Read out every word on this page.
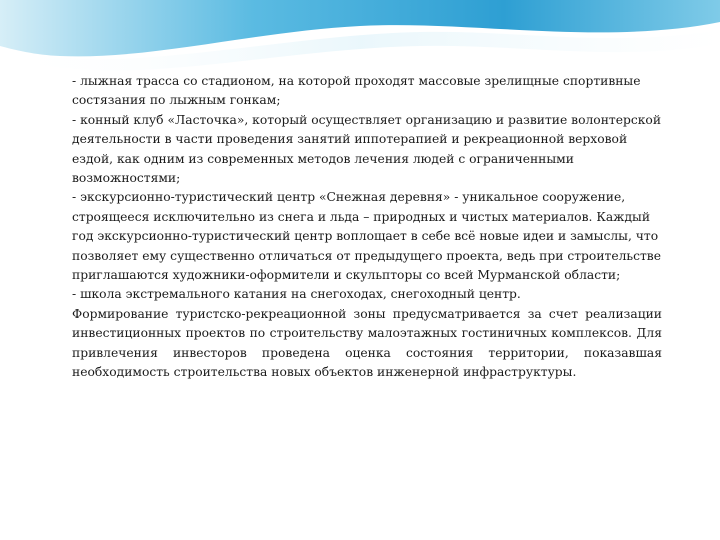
- лыжная трасса со стадионом, на которой проходят массовые зрелищные спортивные состязания по лыжным гонкам;

- конный клуб «Ласточка», который осуществляет организацию и развитие волонтерской деятельности в части проведения занятий иппотерапией и рекреационной верховой ездой, как одним из современных методов лечения людей с ограниченными возможностями;

- экскурсионно-туристический центр «Снежная деревня» - уникальное сооружение, строящееся исключительно из снега и льда – природных и чистых материалов. Каждый год экскурсионно-туристический центр воплощает в себе всё новые идеи и замыслы, что позволяет ему существенно отличаться от предыдущего проекта, ведь при строительстве приглашаются художники-оформители и скульпторы со всей Мурманской области;

- школа экстремального катания на снегоходах, снегоходный центр.

Формирование туристско-рекреационной зоны предусматривается за счет реализации инвестиционных проектов по строительству малоэтажных гостиничных комплексов. Для привлечения инвесторов проведена оценка состояния территории, показавшая необходимость строительства новых объектов инженерной инфраструктуры.
